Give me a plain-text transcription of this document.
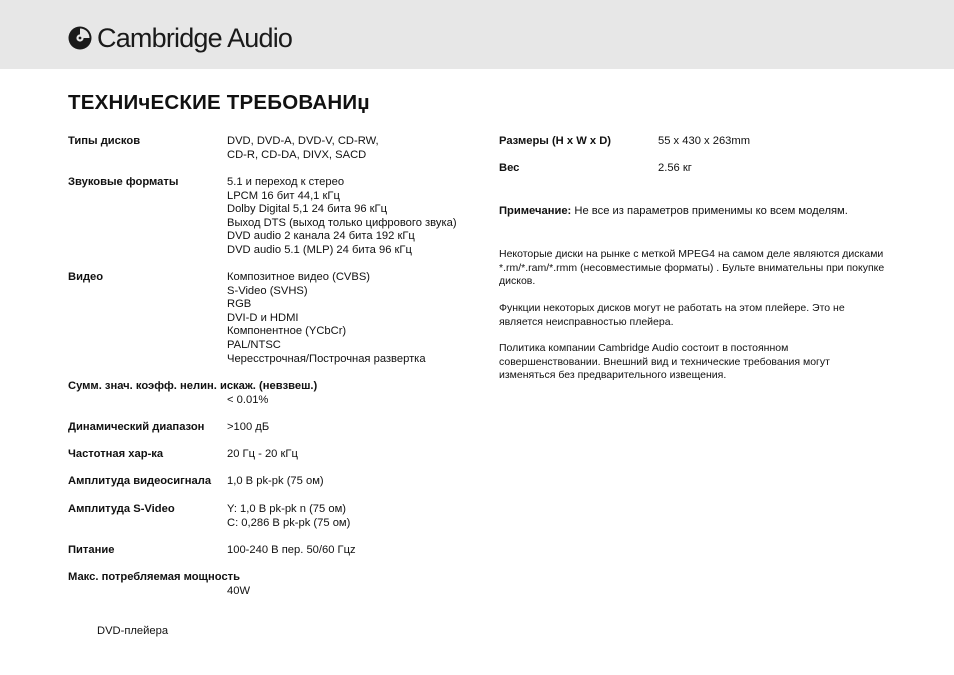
Cambridge Audio
ТЕХНИчЕСКИЕ ТРЕБОВАНИџ
Типы дисков	DVD, DVD-A, DVD-V, CD-RW,
CD-R, CD-DA, DIVX, SACD
Звуковые форматы	5.1 и переход к стерео
LPCM 16 бит 44,1 кГц
Dolby Digital 5,1 24 бита 96 кГц
Выход DTS (выход только цифрового звука)
DVD audio 2 канала 24 бита 192 кГц
DVD audio 5.1 (MLP) 24 бита 96 кГц
Видео	Композитное видео (CVBS)
S-Video (SVHS)
RGB
DVI-D и HDMI
Компонентное (YCbCr)
PAL/NTSC
Чересстрочная/Построчная развертка
Сумм. знач. коэфф. нелин. искаж. (невзвеш.)

< 0.01%
Динамический диапазон >100 дБ
Частотная хар-ка	20 Гц - 20 кГц
Амплитуда видеосигнала 1,0 В pk-pk (75 ом)
Амплитуда S-Video	Y: 1,0 В pk-pk n (75 ом)
C: 0,286 В pk-pk (75 ом)
Питание	100-240 В пер. 50/60 Гцz
Макс. потребляемая мощность

40W
Размеры (H x W x D)	55 x 430 x 263mm
Вес	2.56 кг
Примечание: Не все из параметров применимы ко всем моделям.
Некоторые диски на рынке с меткой MPEG4 на самом деле являются дисками *.rm/*.ram/*.rmm (несовместимые форматы) . Бульте внимательны при покупке дисков.
Функции некоторых дисков могут не работать на этом плейере. Это не является неисправностью плейера.
Политика компании Cambridge Audio состоит в постоянном совершенствовании. Внешний вид и технические требования могут изменяться без предварительного извещения.
DVD-плейера
